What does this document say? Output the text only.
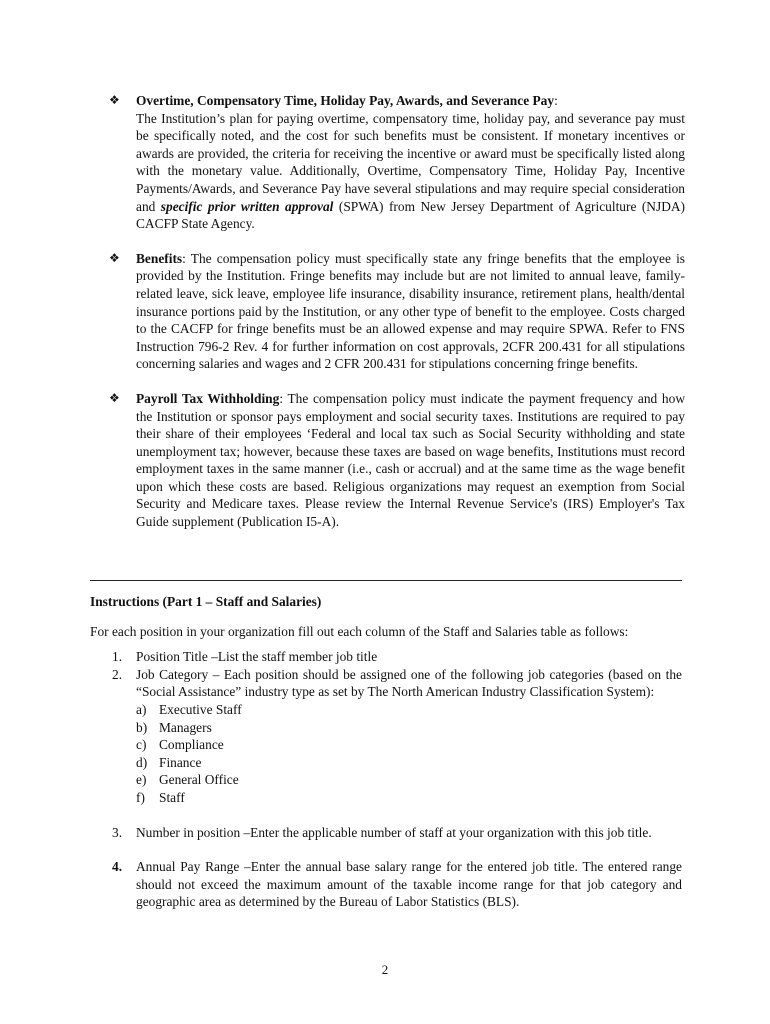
❖ Overtime, Compensatory Time, Holiday Pay, Awards, and Severance Pay:
The Institution’s plan for paying overtime, compensatory time, holiday pay, and severance pay must be specifically noted, and the cost for such benefits must be consistent. If monetary incentives or awards are provided, the criteria for receiving the incentive or award must be specifically listed along with the monetary value. Additionally, Overtime, Compensatory Time, Holiday Pay, Incentive Payments/Awards, and Severance Pay have several stipulations and may require special consideration and specific prior written approval (SPWA) from New Jersey Department of Agriculture (NJDA) CACFP State Agency.
❖ Benefits: The compensation policy must specifically state any fringe benefits that the employee is provided by the Institution. Fringe benefits may include but are not limited to annual leave, family-related leave, sick leave, employee life insurance, disability insurance, retirement plans, health/dental insurance portions paid by the Institution, or any other type of benefit to the employee. Costs charged to the CACFP for fringe benefits must be an allowed expense and may require SPWA. Refer to FNS Instruction 796-2 Rev. 4 for further information on cost approvals, 2CFR 200.431 for all stipulations concerning salaries and wages and 2 CFR 200.431 for stipulations concerning fringe benefits.
❖ Payroll Tax Withholding: The compensation policy must indicate the payment frequency and how the Institution or sponsor pays employment and social security taxes. Institutions are required to pay their share of their employees ‘Federal and local tax such as Social Security withholding and state unemployment tax; however, because these taxes are based on wage benefits, Institutions must record employment taxes in the same manner (i.e., cash or accrual) and at the same time as the wage benefit upon which these costs are based. Religious organizations may request an exemption from Social Security and Medicare taxes. Please review the Internal Revenue Service's (IRS) Employer's Tax Guide supplement (Publication I5-A).
Instructions (Part 1 – Staff and Salaries)
For each position in your organization fill out each column of the Staff and Salaries table as follows:
1. Position Title –List the staff member job title
2. Job Category – Each position should be assigned one of the following job categories (based on the “Social Assistance” industry type as set by The North American Industry Classification System):
a) Executive Staff
b) Managers
c) Compliance
d) Finance
e) General Office
f) Staff
3. Number in position –Enter the applicable number of staff at your organization with this job title.
4. Annual Pay Range –Enter the annual base salary range for the entered job title. The entered range should not exceed the maximum amount of the taxable income range for that job category and geographic area as determined by the Bureau of Labor Statistics (BLS).
2
